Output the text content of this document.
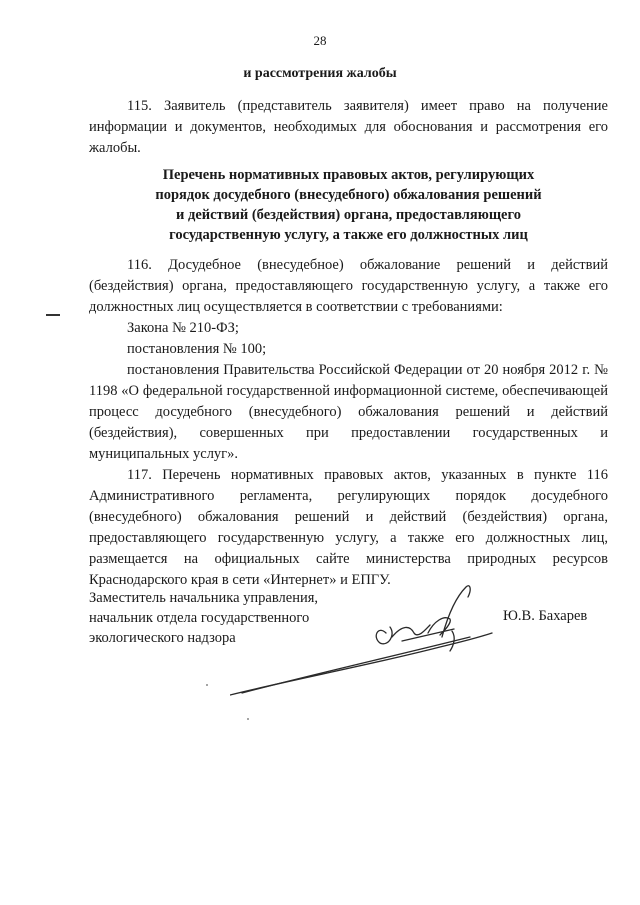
28
и рассмотрения жалобы

115. Заявитель (представитель заявителя) имеет право на получение информации и документов, необходимых для обоснования и рассмотрения его жалобы.

Перечень нормативных правовых актов, регулирующих
порядок досудебного (внесудебного) обжалования решений
и действий (бездействия) органа, предоставляющего
государственную услугу, а также его должностных лиц

116. Досудебное (внесудебное) обжалование решений и действий (бездействия) органа, предоставляющего государственную услугу, а также его должностных лиц осуществляется в соответствии с требованиями:

Закона № 210-ФЗ;

постановления № 100;

постановления Правительства Российской Федерации от 20 ноября 2012 г. № 1198 «О федеральной государственной информационной системе, обеспечивающей процесс досудебного (внесудебного) обжалования решений и действий (бездействия), совершенных при предоставлении государственных и муниципальных услуг».

117. Перечень нормативных правовых актов, указанных в пункте 116 Административного регламента, регулирующих порядок досудебного (внесудебного) обжалования решений и действий (бездействия) органа, предоставляющего государственную услугу, а также его должностных лиц, размещается на официальных сайте министерства природных ресурсов Краснодарского края в сети «Интернет» и ЕПГУ.

Заместитель начальника управления,
начальник отдела государственного
экологического надзора
Ю.В. Бахарев
